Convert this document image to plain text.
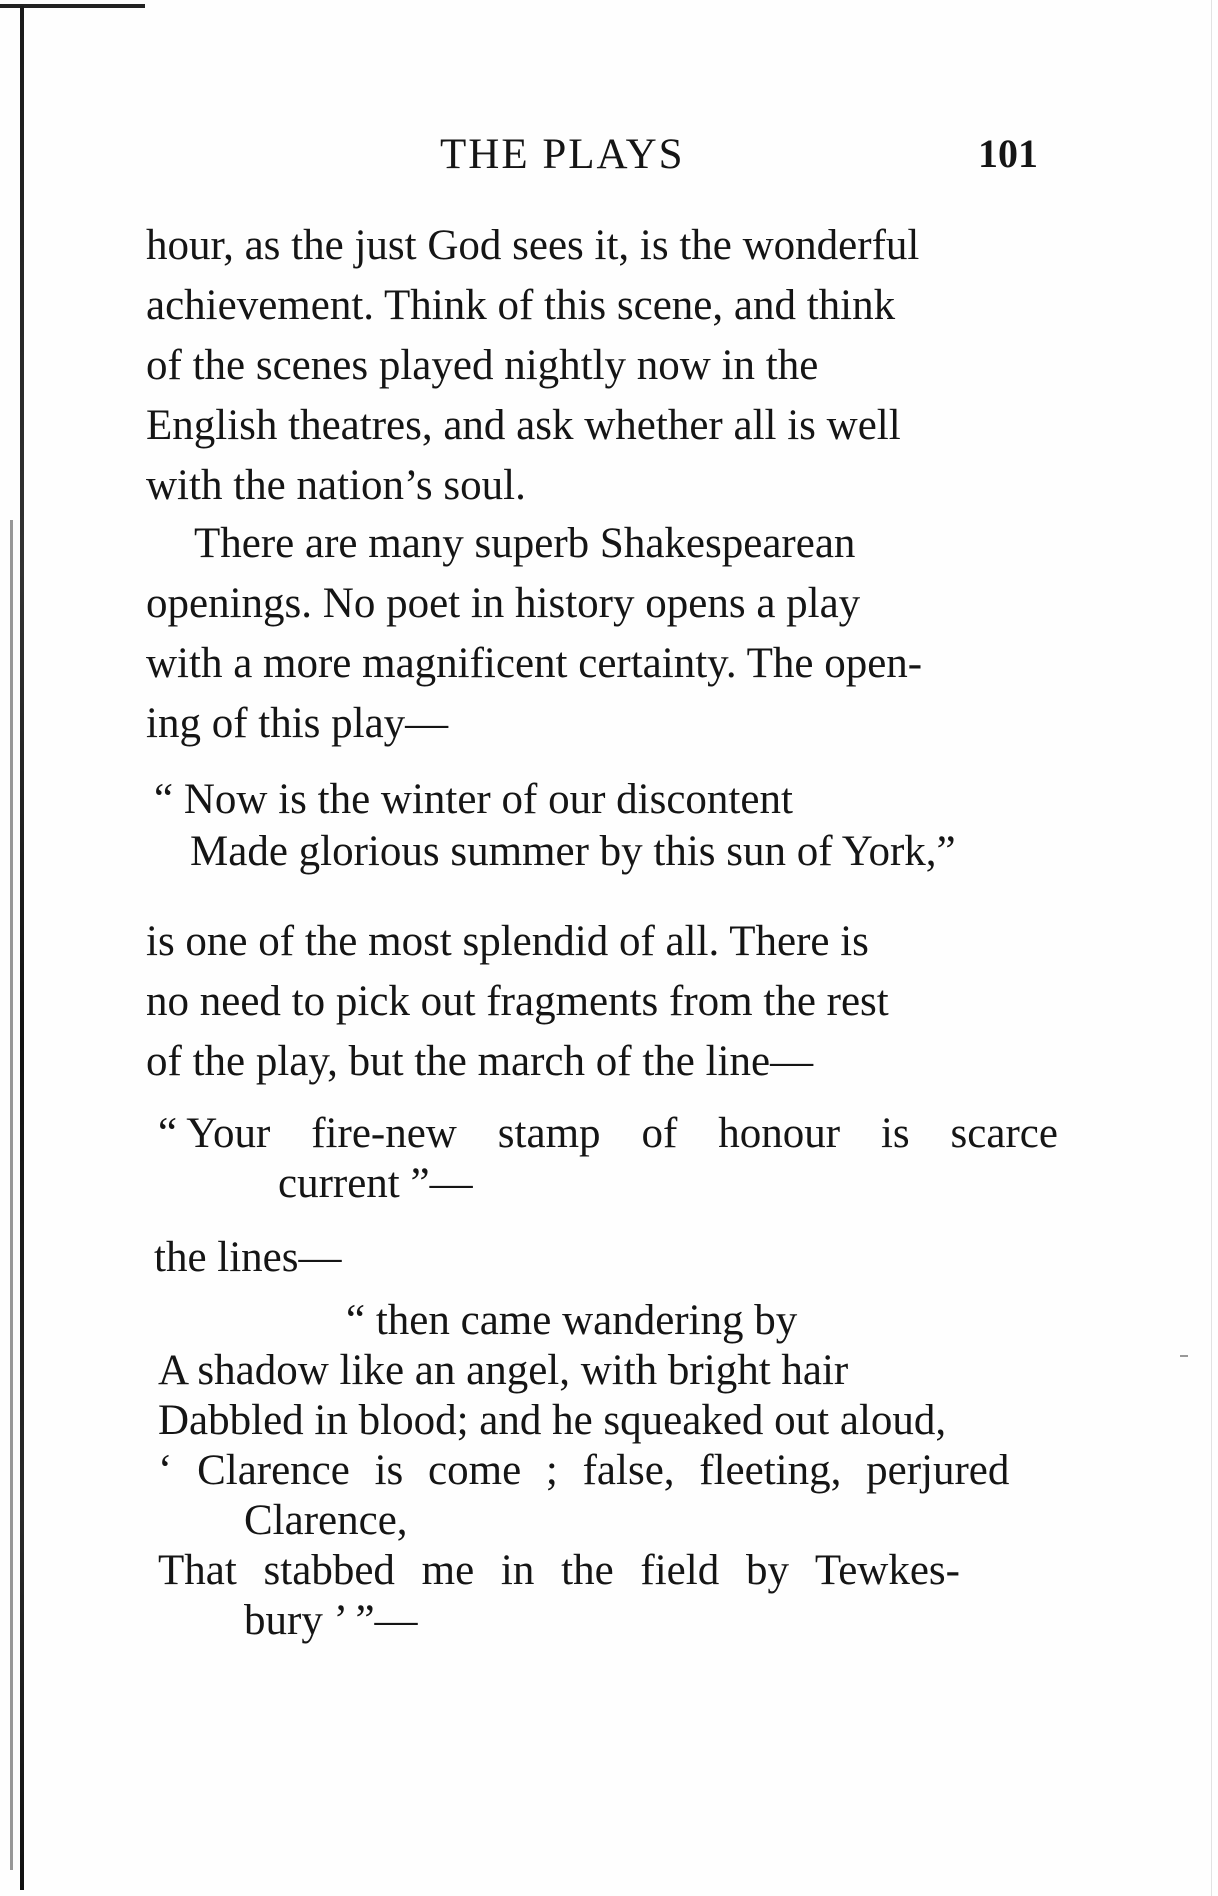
THE PLAYS	101

hour, as the just God sees it, is the wonderful

achievement. Think of this scene, and think

of the scenes played nightly now in the

English theatres, and ask whether all is well

with the nation’s soul.

There are many superb Shakespearean

openings. No poet in history opens a play

with a more magnificent certainty. The open-

ing of this play—

“ Now is the winter of our discontent
Made glorious summer by this sun of York,”

is one of the most splendid of all. There is

no need to pick out fragments from the rest

of the play, but the march of the line—

“ Your fire-new stamp of honour is scarce
current ”—
the lines—
“ then came wandering by
A shadow like an angel, with bright hair
Dabbled in blood; and he squeaked out aloud,
‘ Clarence is come ; false, fleeting, perjured
Clarence,
That stabbed me in the field by Tewkes-
bury ’ ”—
